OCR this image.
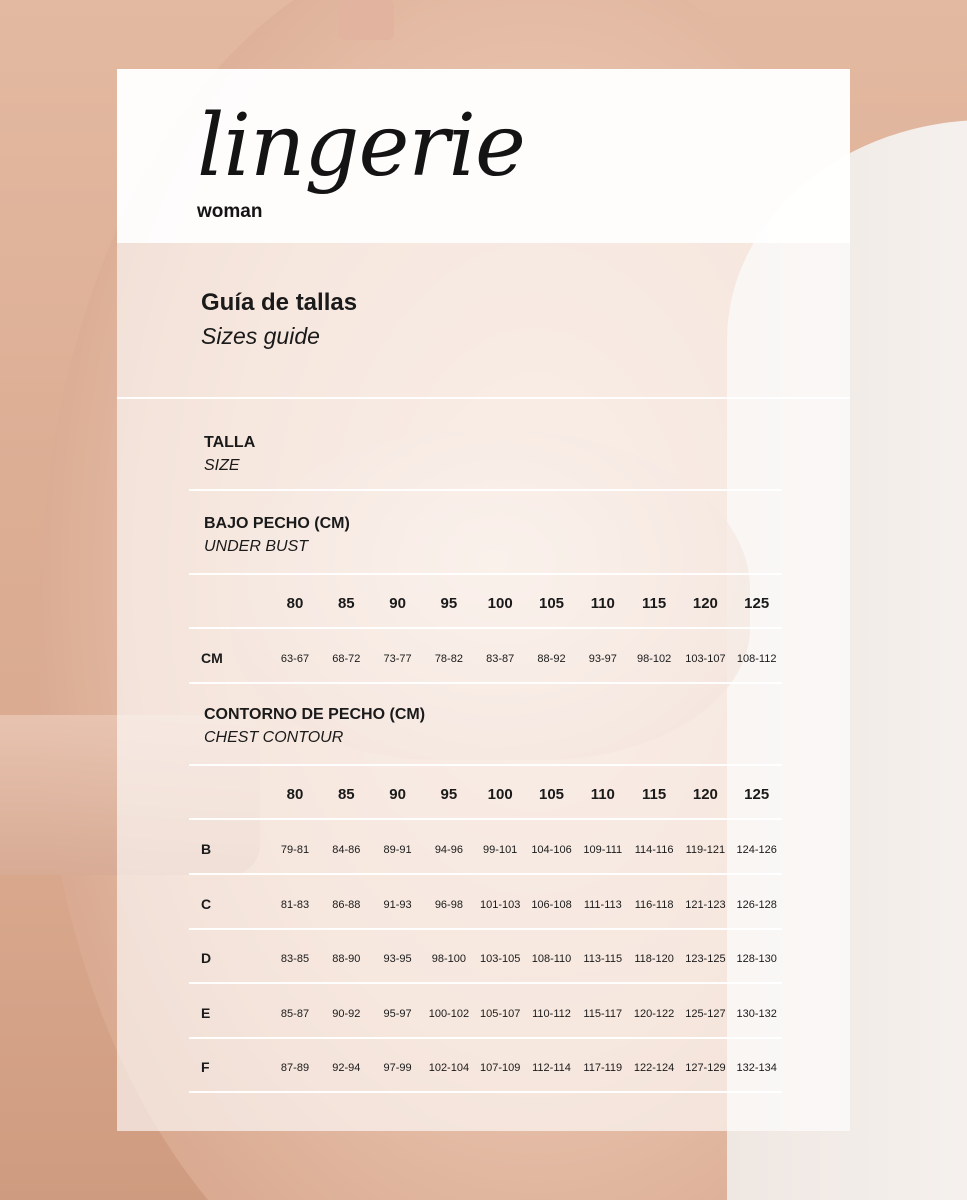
lingerie
woman
Guía de tallas
Sizes guide
TALLA
SIZE
BAJO PECHO (CM)
UNDER BUST
80	85	90	95	100	105	110	115	120	125
CM	63-67	68-72	73-77	78-82	83-87	88-92	93-97	98-102	103-107	108-112
CONTORNO DE PECHO (CM)
CHEST CONTOUR
80	85	90	95	100	105	110	115	120	125
B	79-81	84-86	89-91	94-96	99-101	104-106	109-111	114-116	119-121	124-126
C	81-83	86-88	91-93	96-98	101-103 106-108	111-113	116-118	121-123 126-128
D	83-85	88-90	93-95	98-100	103-105	108-110	113-115	118-120	123-125 128-130
E	85-87	90-92	95-97	100-102 105-107	110-112	115-117	120-122 125-127 130-132
F	87-89	92-94	97-99	102-104 107-109	112-114	117-119	122-124 127-129 132-134
